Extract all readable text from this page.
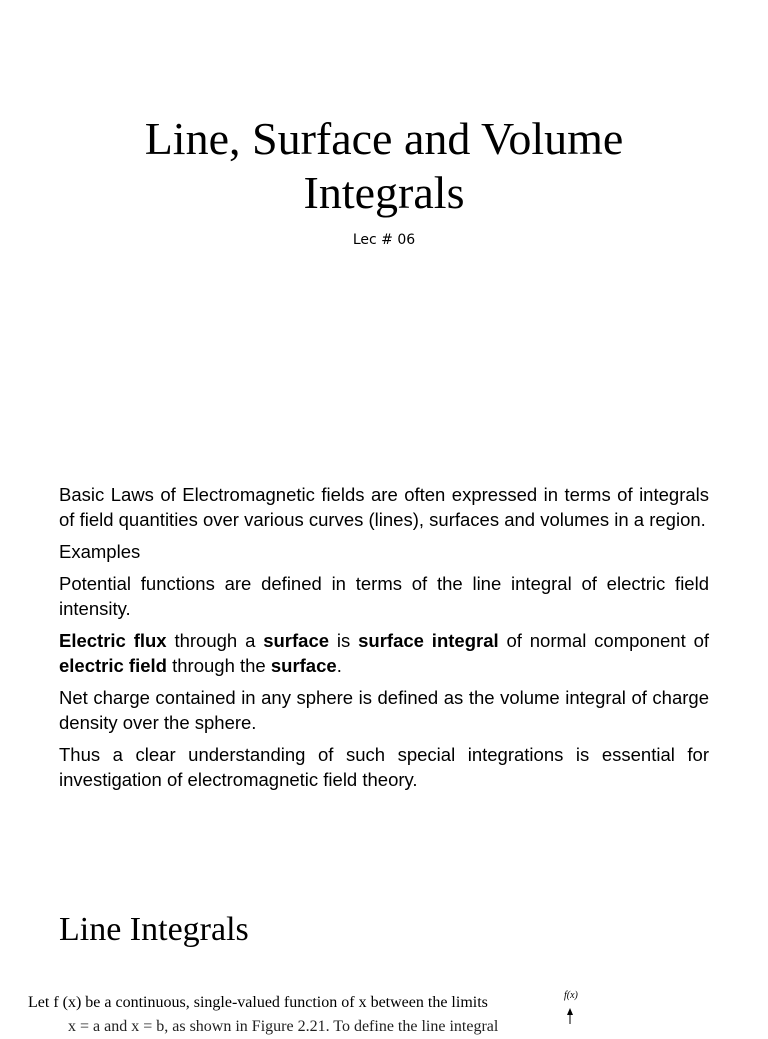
Line, Surface and Volume
Integrals
Lec # 06

Basic Laws of Electromagnetic fields are often expressed in terms of integrals of field quantities over various curves (lines), surfaces and volumes in a region.

Examples

Potential functions are defined in terms of the line integral of electric field intensity.

Electric flux through a surface is surface integral of normal component of electric field through the surface.

Net charge contained in any sphere is defined as the volume integral of charge density over the sphere.

Thus a clear understanding of such special integrations is essential for investigation of electromagnetic field theory.

Line Integrals
Let f (x) be a continuous, single-valued function of x between the limits
x = a and x = b, as shown in Figure 2.21. To define the line integral
f(x)
